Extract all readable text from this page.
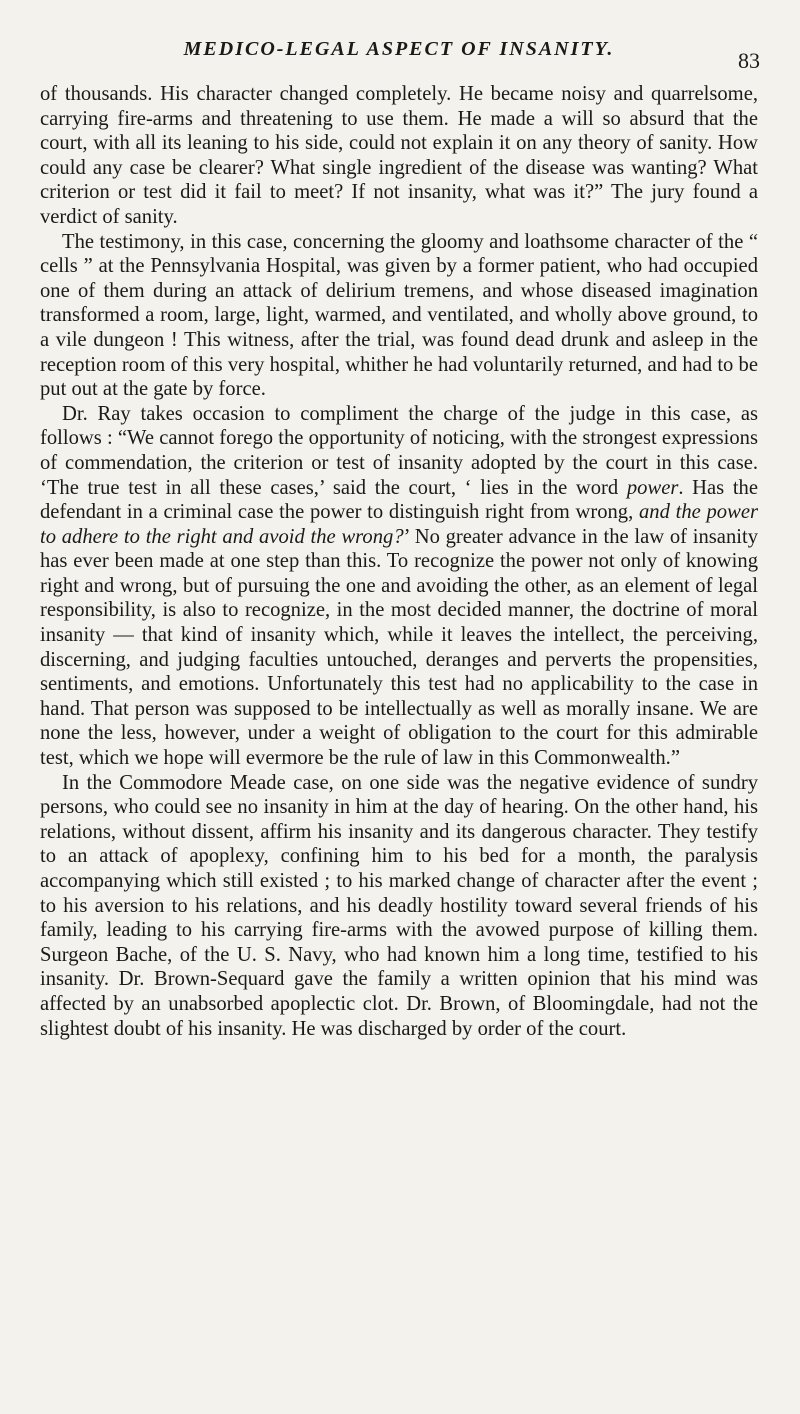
MEDICO-LEGAL ASPECT OF INSANITY.	83

of thousands. His character changed completely. He became noisy and quarrelsome, carrying fire-arms and threatening to use them. He made a will so absurd that the court, with all its leaning to his side, could not explain it on any theory of sanity. How could any case be clearer? What single ingredient of the disease was wanting? What criterion or test did it fail to meet? If not insanity, what was it?” The jury found a verdict of sanity.

The testimony, in this case, concerning the gloomy and loathsome character of the “ cells ” at the Pennsylvania Hospital, was given by a former patient, who had occupied one of them during an attack of delirium tremens, and whose diseased imagination transformed a room, large, light, warmed, and ventilated, and wholly above ground, to a vile dungeon ! This witness, after the trial, was found dead drunk and asleep in the reception room of this very hospital, whither he had voluntarily returned, and had to be put out at the gate by force.

Dr. Ray takes occasion to compliment the charge of the judge in this case, as follows : “We cannot forego the opportunity of noticing, with the strongest expressions of commendation, the criterion or test of insanity adopted by the court in this case. ‘The true test in all these cases,’ said the court, ‘ lies in the word power. Has the defendant in a criminal case the power to distinguish right from wrong, and the power to adhere to the right and avoid the wrong?’ No greater advance in the law of insanity has ever been made at one step than this. To recognize the power not only of knowing right and wrong, but of pursuing the one and avoiding the other, as an element of legal responsibility, is also to recognize, in the most decided manner, the doctrine of moral insanity — that kind of insanity which, while it leaves the intellect, the perceiving, discerning, and judging faculties untouched, deranges and perverts the propensities, sentiments, and emotions. Unfortunately this test had no applicability to the case in hand. That person was supposed to be intellectually as well as morally insane. We are none the less, however, under a weight of obligation to the court for this admirable test, which we hope will evermore be the rule of law in this Commonwealth.”

In the Commodore Meade case, on one side was the negative evidence of sundry persons, who could see no insanity in him at the day of hearing. On the other hand, his relations, without dissent, affirm his insanity and its dangerous character. They testify to an attack of apoplexy, confining him to his bed for a month, the paralysis accompanying which still existed ; to his marked change of character after the event ; to his aversion to his relations, and his deadly hostility toward several friends of his family, leading to his carrying fire-arms with the avowed purpose of killing them. Surgeon Bache, of the U. S. Navy, who had known him a long time, testified to his insanity. Dr. Brown-Sequard gave the family a written opinion that his mind was affected by an unabsorbed apoplectic clot. Dr. Brown, of Bloomingdale, had not the slightest doubt of his insanity. He was discharged by order of the court.
